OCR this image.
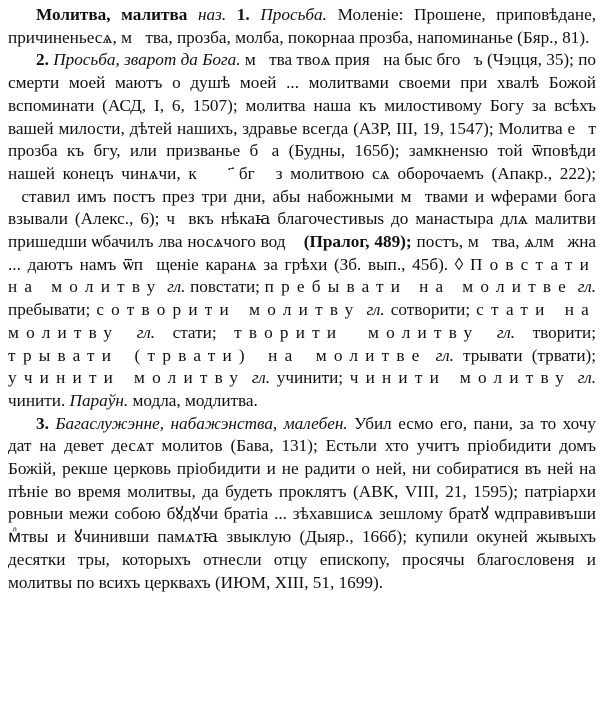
Молитва, малитва наз. 1. Просьба. Моленіе: Прошенe, приповѣданe, причиненьесѧ, мⷧтва, прозба, молба, покорнаа прозба, напоминанье (Бяр., 81).

2. Просьба, зварот да Бога. мⷧтва твоѧ прияⷮна быс бгоⷨъ (Чэцця, 35); по смерти моей маютъ о душѣ моей ... молитвами своеми при хвалѣ Божой вспоминати (АСД, I, 6, 1507); молитва наша къ милостивому Богу за всѣхъ вашей милости, дѣтей нашихъ, здравье всегда (АЗР, III, 19, 1547); Молитва еⷭт прозба къ бгу, или призванье бⷢа (Будны, 165б); замкненѕю той ѿповѣди нашей конецъ чинѧчи, кꙋ ꙋ҃ бгꙋ з молитвою сѧ оборочаемъ (Апакр., 222); ꙋставил имъ постъ през три дни, абы набожными мⷧтвами и ѡферами бога взывали (Алекс., 6); чⷧвкъ нѣкаꙗ благочестивыѕ до манастыра длѧ малитви пришедши ѡбачилъ лва носѧчого водꙋ (Пралог, 489); постъ, мⷧтва, ѧлмꙋжна ... даютъ намъ ѿпꙋщеніе каранѧ за грѣхи (Зб. вып., 45б). ◊ Повстати на молитву гл. повстати; пребывати на молитве гл. пребывати; сотворити молитву гл. сотворити; стати на молитву гл. стати; творити молитву гл. творити; трывати (трвати) на молитве гл. трывати (трвати); учинити молитву гл. учинити; чинити молитву гл. чинити. Параўн. модла, модлитва.

3. Багаслужэнне, набажэнства, малебен. Убил есмо его, пани, за то хочу дат на девет десѧт молитов (Бава, 131); Естьли хто учитъ пріобидити домъ Божій, рекше церковь пріобидити и не радити о ней, ни собиратися въ ней на пѣніе во время молитвы, да будеть проклятъ (АВК, VIII, 21, 1595); патріархи ровныи межи собою бꙋдꙋчи братіа ... зѣхавшисѧ зешлому братꙋ ѡдправивъши мⷧтвы и ꙋчинивши памѧтꙗ звыклую (Дыяр., 166б); купили окуней жывыхъ десятки тры, которыхъ отнесли отцу епископу, просячы благословеня и молитвы по всихъ церквахъ (ИЮМ, XIII, 51, 1699).
